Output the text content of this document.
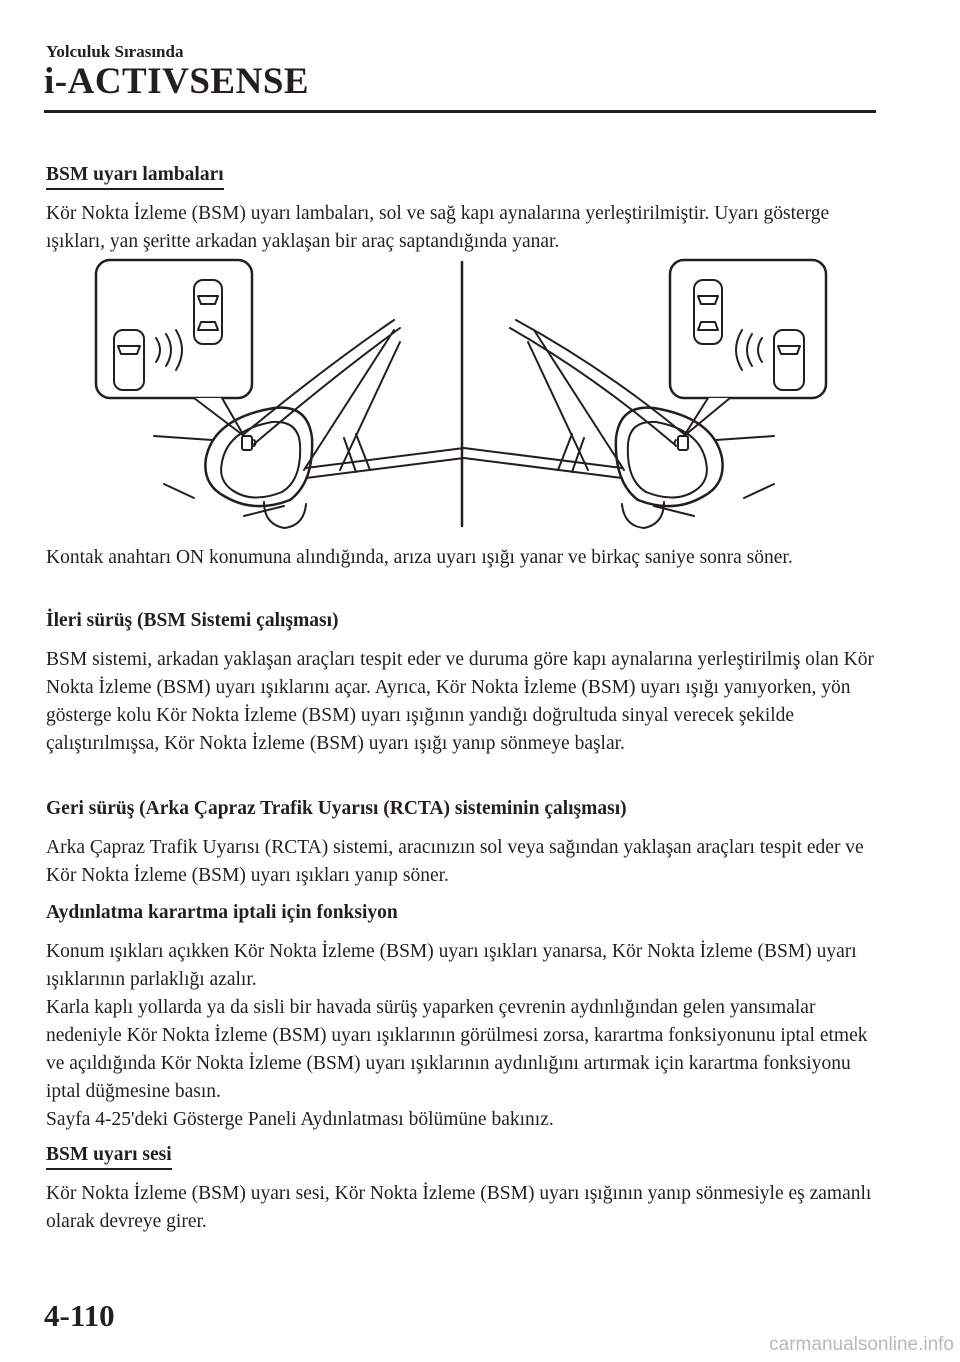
Yolculuk Sırasında
i-ACTIVSENSE
BSM uyarı lambaları
Kör Nokta İzleme (BSM) uyarı lambaları, sol ve sağ kapı aynalarına yerleştirilmiştir. Uyarı gösterge ışıkları, yan şeritte arkadan yaklaşan bir araç saptandığında yanar.
Kontak anahtarı ON konumuna alındığında, arıza uyarı ışığı yanar ve birkaç saniye sonra söner.
İleri sürüş (BSM Sistemi çalışması)
BSM sistemi, arkadan yaklaşan araçları tespit eder ve duruma göre kapı aynalarına yerleştirilmiş olan Kör Nokta İzleme (BSM) uyarı ışıklarını açar. Ayrıca, Kör Nokta İzleme (BSM) uyarı ışığı yanıyorken, yön gösterge kolu Kör Nokta İzleme (BSM) uyarı ışığının yandığı doğrultuda sinyal verecek şekilde çalıştırılmışsa, Kör Nokta İzleme (BSM) uyarı ışığı yanıp sönmeye başlar.
Geri sürüş (Arka Çapraz Trafik Uyarısı (RCTA) sisteminin çalışması)
Arka Çapraz Trafik Uyarısı (RCTA) sistemi, aracınızın sol veya sağından yaklaşan araçları tespit eder ve Kör Nokta İzleme (BSM) uyarı ışıkları yanıp söner.
Aydınlatma karartma iptali için fonksiyon
Konum ışıkları açıkken Kör Nokta İzleme (BSM) uyarı ışıkları yanarsa, Kör Nokta İzleme (BSM) uyarı ışıklarının parlaklığı azalır.
Karla kaplı yollarda ya da sisli bir havada sürüş yaparken çevrenin aydınlığından gelen yansımalar nedeniyle Kör Nokta İzleme (BSM) uyarı ışıklarının görülmesi zorsa, karartma fonksiyonunu iptal etmek ve açıldığında Kör Nokta İzleme (BSM) uyarı ışıklarının aydınlığını artırmak için karartma fonksiyonu iptal düğmesine basın.
Sayfa 4-25'deki Gösterge Paneli Aydınlatması bölümüne bakınız.
BSM uyarı sesi
Kör Nokta İzleme (BSM) uyarı sesi, Kör Nokta İzleme (BSM) uyarı ışığının yanıp sönmesiyle eş zamanlı olarak devreye girer.
4-110
carmanualsonline.info
